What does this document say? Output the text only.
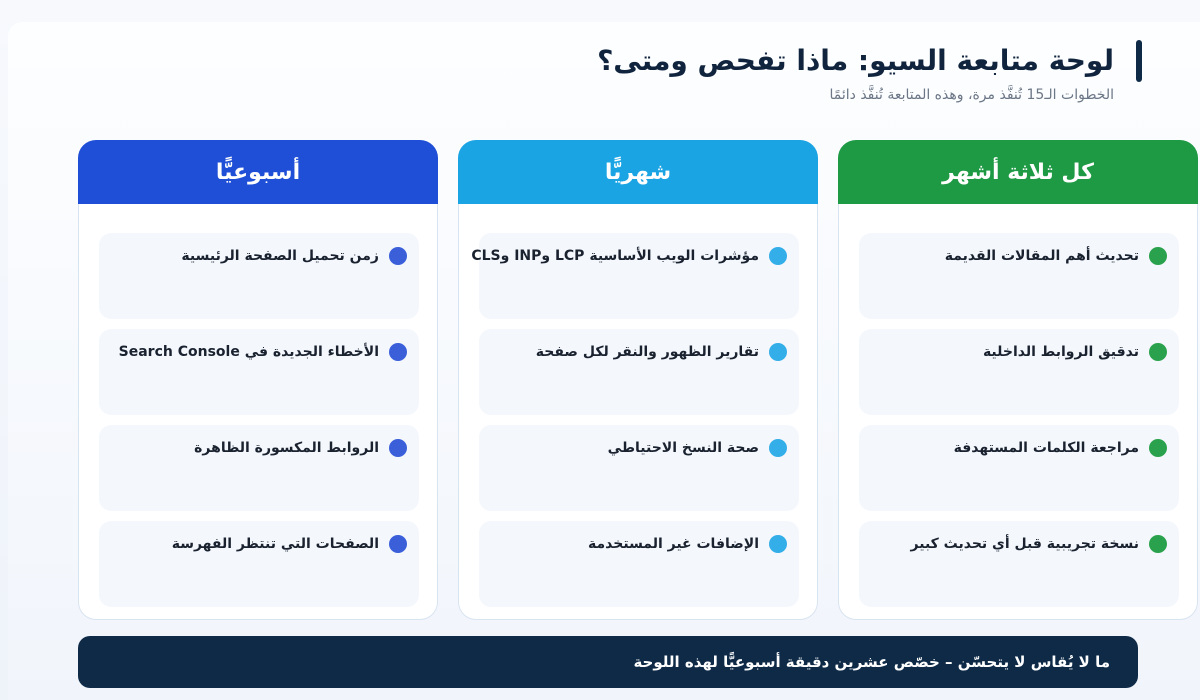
لوحة متابعة السيو: ماذا تفحص ومتى؟
الخطوات الـ15 تُنفَّذ مرة، وهذه المتابعة تُنفَّذ دائمًا
كل ثلاثة أشهر
تحديث أهم المقالات القديمة
تدقيق الروابط الداخلية
مراجعة الكلمات المستهدفة
نسخة تجريبية قبل أي تحديث كبير
شهريًّا
مؤشرات الويب الأساسية LCP وINP وCLS
تقارير الظهور والنقر لكل صفحة
صحة النسخ الاحتياطي
الإضافات غير المستخدمة
أسبوعيًّا
زمن تحميل الصفحة الرئيسية
الأخطاء الجديدة في Search Console
الروابط المكسورة الظاهرة
الصفحات التي تنتظر الفهرسة
ما لا يُقاس لا يتحسّن – خصّص عشرين دقيقة أسبوعيًّا لهذه اللوحة
